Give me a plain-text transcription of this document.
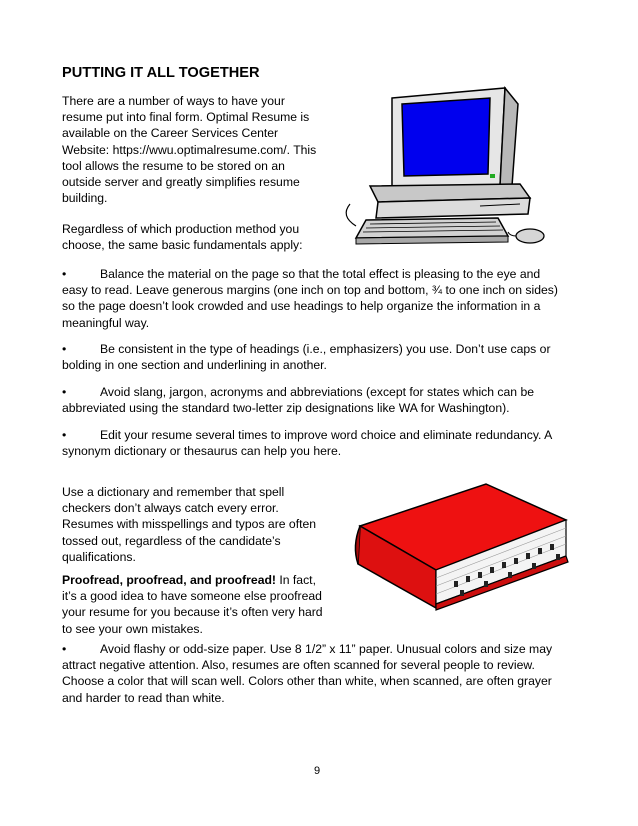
PUTTING IT ALL TOGETHER
There are a number of ways to have your
resume put into final form. Optimal Resume is
available on the Career Services Center
Website: https://wwu.optimalresume.com/. This
tool allows the resume to be stored on an
outside server and greatly simplifies resume
building.
Regardless of which production method you
choose, the same basic fundamentals apply:
•	Balance the material on the page so that the total effect is pleasing to the eye and
easy to read. Leave generous margins (one inch on top and bottom, ¾ to one inch on sides)
so the page doesn’t look crowded and use headings to help organize the information in a
meaningful way.
•	Be consistent in the type of headings (i.e., emphasizers) you use. Don’t use caps or
bolding in one section and underlining in another.
•	Avoid slang, jargon, acronyms and abbreviations (except for states which can be
abbreviated using the standard two-letter zip designations like WA for Washington).
•	Edit your resume several times to improve word choice and eliminate redundancy. A
synonym dictionary or thesaurus can help you here.
Use a dictionary and remember that spell
checkers don’t always catch every error.
Resumes with misspellings and typos are often
tossed out, regardless of the candidate’s
qualifications.
Proofread, proofread, and proofread! In fact,
it’s a good idea to have someone else proofread
your resume for you because it’s often very hard
to see your own mistakes.
•	Avoid flashy or odd-size paper. Use 8 1/2” x 11” paper. Unusual colors and size may
attract negative attention. Also, resumes are often scanned for several people to review.
Choose a color that will scan well. Colors other than white, when scanned, are often grayer
and harder to read than white.
9
